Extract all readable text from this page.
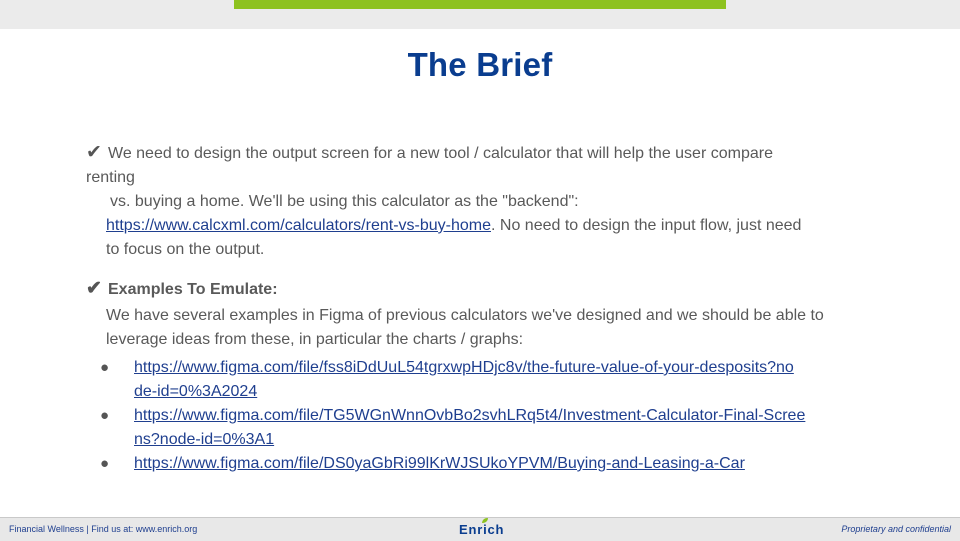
The Brief
✔ We need to design the output screen for a new tool / calculator that will help the user compare
renting
vs. buying a home. We'll be using this calculator as the "backend":
https://www.calcxml.com/calculators/rent-vs-buy-home. No need to design the input flow, just need
to focus on the output.
✔ Examples To Emulate:
We have several examples in Figma of previous calculators we've designed and we should be able to
leverage ideas from these, in particular the charts / graphs:
● https://www.figma.com/file/fss8iDdUuL54tgrxwpHDjc8v/the-future-value-of-your-desposits?no
de-id=0%3A2024
● https://www.figma.com/file/TG5WGnWnnOvbBo2svhLRq5t4/Investment-Calculator-Final-Scree
ns?node-id=0%3A1
● https://www.figma.com/file/DS0yaGbRi99lKrWJSUkoYPVM/Buying-and-Leasing-a-Car
Financial Wellness | Find us at: www.enrich.org	Enrich	Proprietary and confidential
